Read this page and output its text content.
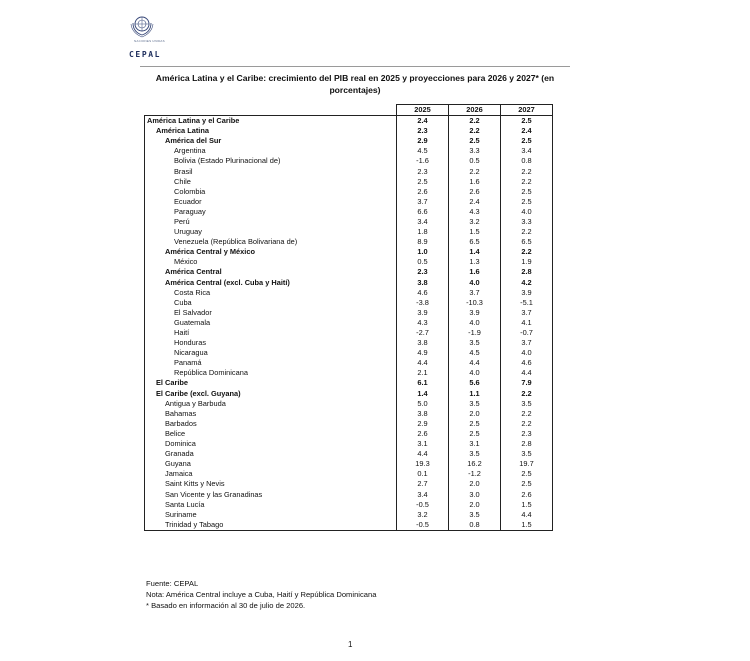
NACIONES UNIDAS
CEPAL
América Latina y el Caribe: crecimiento del PIB real en 2025 y proyecciones para 2026 y 2027* (en porcentajes)
	2025	2026	2027
América Latina y el Caribe	2.4	2.2	2.5
América Latina	2.3	2.2	2.4
América del Sur	2.9	2.5	2.5
Argentina	4.5	3.3	3.4
Bolivia (Estado Plurinacional de)	-1.6	0.5	0.8
Brasil	2.3	2.2	2.2
Chile	2.5	1.6	2.2
Colombia	2.6	2.6	2.5
Ecuador	3.7	2.4	2.5
Paraguay	6.6	4.3	4.0
Perú	3.4	3.2	3.3
Uruguay	1.8	1.5	2.2
Venezuela (República Bolivariana de)	8.9	6.5	6.5
América Central y México	1.0	1.4	2.2
México	0.5	1.3	1.9
América Central	2.3	1.6	2.8
América Central (excl. Cuba y Haití)	3.8	4.0	4.2
Costa Rica	4.6	3.7	3.9
Cuba	-3.8	-10.3	-5.1
El Salvador	3.9	3.9	3.7
Guatemala	4.3	4.0	4.1
Haití	-2.7	-1.9	-0.7
Honduras	3.8	3.5	3.7
Nicaragua	4.9	4.5	4.0
Panamá	4.4	4.4	4.6
República Dominicana	2.1	4.0	4.4
El Caribe	6.1	5.6	7.9
El Caribe (excl. Guyana)	1.4	1.1	2.2
Antigua y Barbuda	5.0	3.5	3.5
Bahamas	3.8	2.0	2.2
Barbados	2.9	2.5	2.2
Belice	2.6	2.5	2.3
Dominica	3.1	3.1	2.8
Granada	4.4	3.5	3.5
Guyana	19.3	16.2	19.7
Jamaica	0.1	-1.2	2.5
Saint Kitts y Nevis	2.7	2.0	2.5
San Vicente y las Granadinas	3.4	3.0	2.6
Santa Lucía	-0.5	2.0	1.5
Suriname	3.2	3.5	4.4
Trinidad y Tabago	-0.5	0.8	1.5
Fuente: CEPAL
Nota: América Central incluye a Cuba, Haití y República Dominicana
* Basado en información al 30 de julio de 2026.
1
